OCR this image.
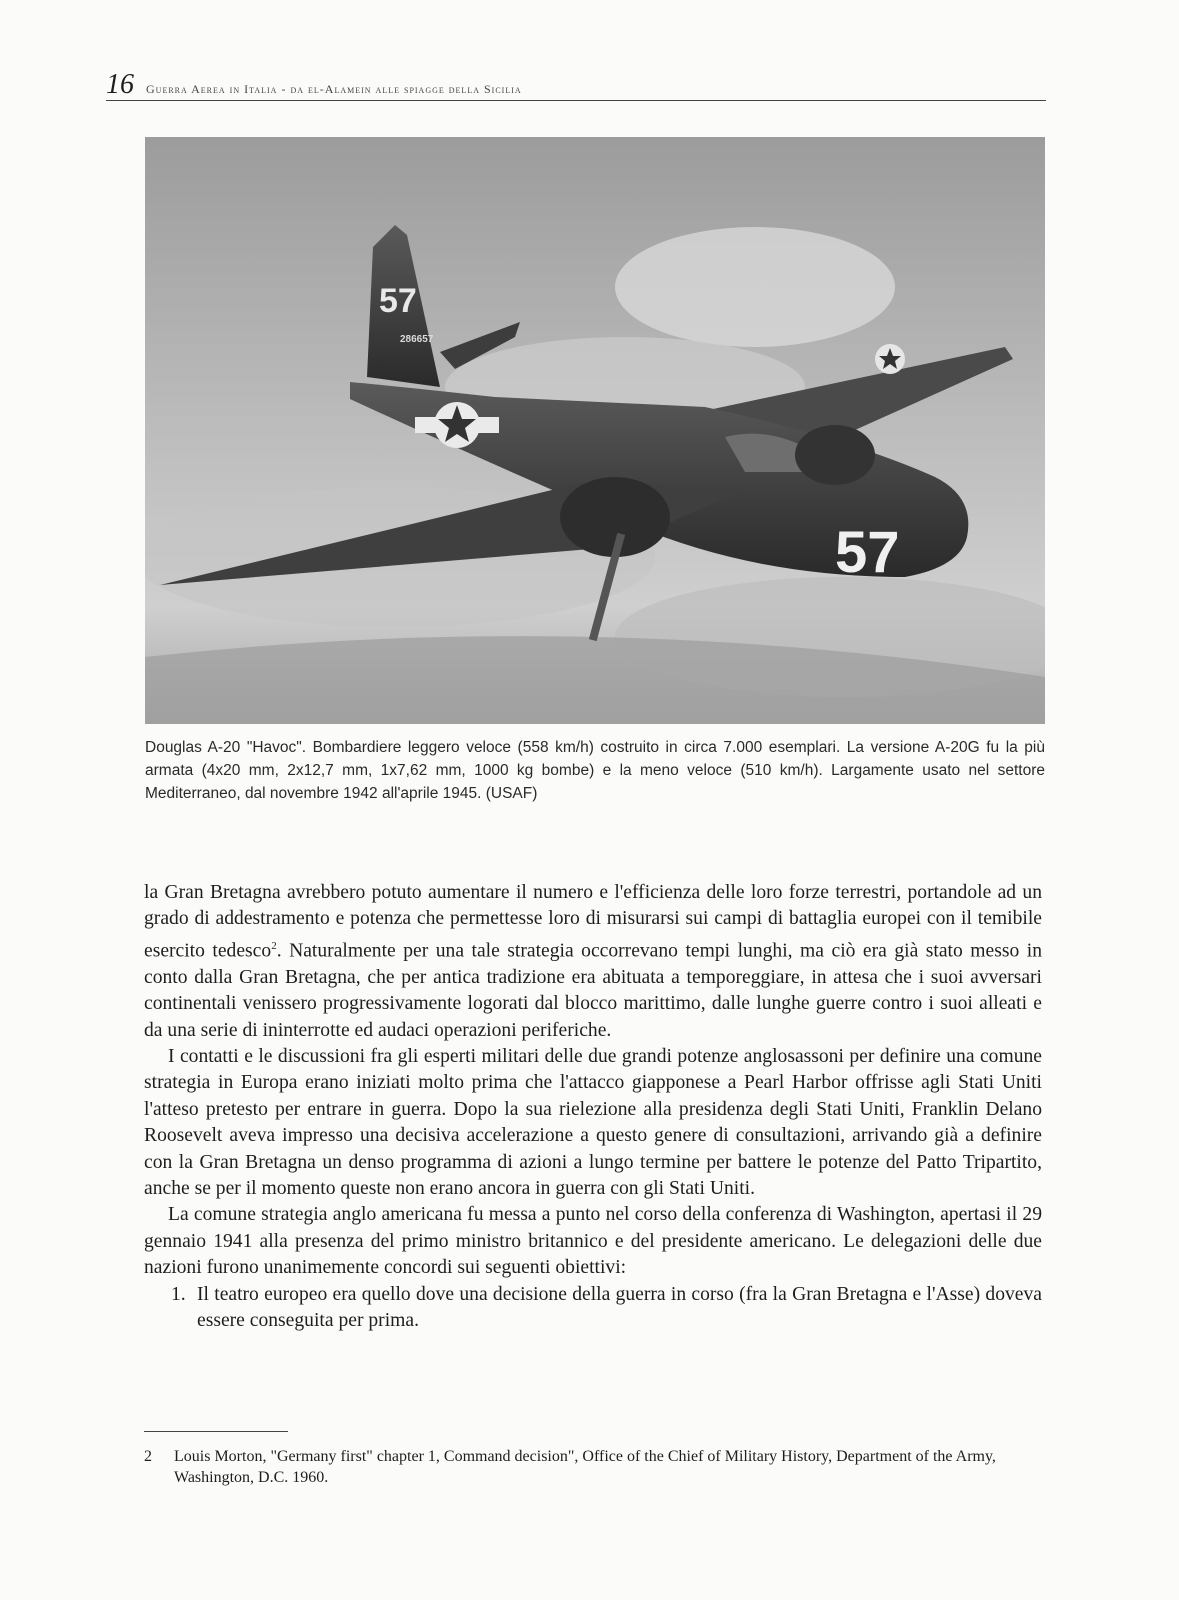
16 Guerra Aerea in Italia - da el-Alamein alle spiagge della Sicilia
57
286657
57
Douglas A-20 "Havoc". Bombardiere leggero veloce (558 km/h) costruito in circa 7.000 esemplari. La versione A-20G fu la più armata (4x20 mm, 2x12,7 mm, 1x7,62 mm, 1000 kg bombe) e la meno veloce (510 km/h). Largamente usato nel settore Mediterraneo, dal novembre 1942 all'aprile 1945. (USAF)

la Gran Bretagna avrebbero potuto aumentare il numero e l'efficienza delle loro forze terrestri, portandole ad un grado di addestramento e potenza che permettesse loro di misurarsi sui campi di battaglia europei con il temibile esercito tedesco$^2$. Naturalmente per una tale strategia occorrevano tempi lunghi, ma ciò era già stato messo in conto dalla Gran Bretagna, che per antica tradizione era abituata a temporeggiare, in attesa che i suoi avversari continentali venissero progressivamente logorati dal blocco marittimo, dalle lunghe guerre contro i suoi alleati e da una serie di ininterrotte ed audaci operazioni periferiche.

I contatti e le discussioni fra gli esperti militari delle due grandi potenze anglosassoni per definire una comune strategia in Europa erano iniziati molto prima che l'attacco giapponese a Pearl Harbor offrisse agli Stati Uniti l'atteso pretesto per entrare in guerra. Dopo la sua rielezione alla presidenza degli Stati Uniti, Franklin Delano Roosevelt aveva impresso una decisiva accelerazione a questo genere di consultazioni, arrivando già a definire con la Gran Bretagna un denso programma di azioni a lungo termine per battere le potenze del Patto Tripartito, anche se per il momento queste non erano ancora in guerra con gli Stati Uniti.

La comune strategia anglo americana fu messa a punto nel corso della conferenza di Washington, apertasi il 29 gennaio 1941 alla presenza del primo ministro britannico e del presidente americano. Le delegazioni delle due nazioni furono unanimemente concordi sui seguenti obiettivi:

1. Il teatro europeo era quello dove una decisione della guerra in corso (fra la Gran Bretagna e l'Asse) doveva essere conseguita per prima.
2 Louis Morton, "Germany first" chapter 1, Command decision", Office of the Chief of Military History, Department of the Army, Washington, D.C. 1960.
